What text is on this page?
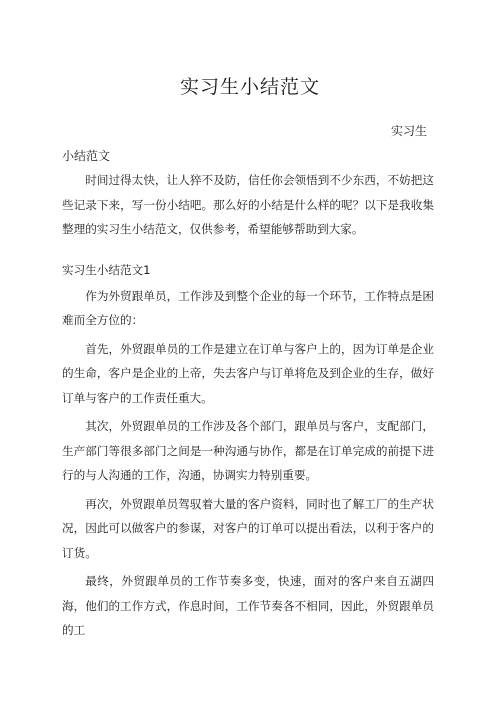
实习生小结范文
实习生
小结范文

时间过得太快，让人猝不及防，信任你会领悟到不少东西，不妨把这些记录下来，写一份小结吧。那么好的小结是什么样的呢？以下是我收集整理的实习生小结范文，仅供参考，希望能够帮助到大家。

实习生小结范文1

作为外贸跟单员，工作涉及到整个企业的每一个环节，工作特点是困难而全方位的：

首先，外贸跟单员的工作是建立在订单与客户上的，因为订单是企业的生命，客户是企业的上帝，失去客户与订单将危及到企业的生存，做好订单与客户的工作责任重大。

其次，外贸跟单员的工作涉及各个部门，跟单员与客户，支配部门，生产部门等很多部门之间是一种沟通与协作，都是在订单完成的前提下进行的与人沟通的工作，沟通，协调实力特别重要。

再次，外贸跟单员驾驭着大量的客户资料，同时也了解工厂的生产状况，因此可以做客户的参谋，对客户的订单可以提出看法，以利于客户的订货。

最终，外贸跟单员的工作节奏多变，快速，面对的客户来自五湖四海，他们的工作方式，作息时间，工作节奏各不相同，因此，外贸跟单员的工
